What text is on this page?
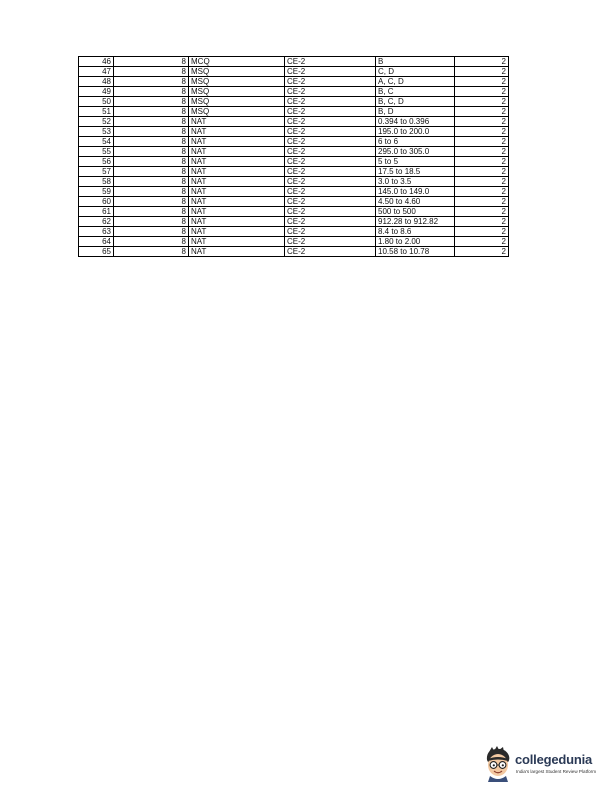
46	8	MCQ	CE-2	B	2
47	8	MSQ	CE-2	C, D	2
48	8	MSQ	CE-2	A, C, D	2
49	8	MSQ	CE-2	B, C	2
50	8	MSQ	CE-2	B, C, D	2
51	8	MSQ	CE-2	B, D	2
52	8	NAT	CE-2	0.394 to 0.396	2
53	8	NAT	CE-2	195.0 to 200.0	2
54	8	NAT	CE-2	6 to 6	2
55	8	NAT	CE-2	295.0 to 305.0	2
56	8	NAT	CE-2	5 to 5	2
57	8	NAT	CE-2	17.5 to 18.5	2
58	8	NAT	CE-2	3.0 to 3.5	2
59	8	NAT	CE-2	145.0 to 149.0	2
60	8	NAT	CE-2	4.50 to 4.60	2
61	8	NAT	CE-2	500 to 500	2
62	8	NAT	CE-2	912.28 to 912.82	2
63	8	NAT	CE-2	8.4 to 8.6	2
64	8	NAT	CE-2	1.80 to 2.00	2
65	8	NAT	CE-2	10.58 to 10.78	2
collegedunia
India's largest Student Review Platform
